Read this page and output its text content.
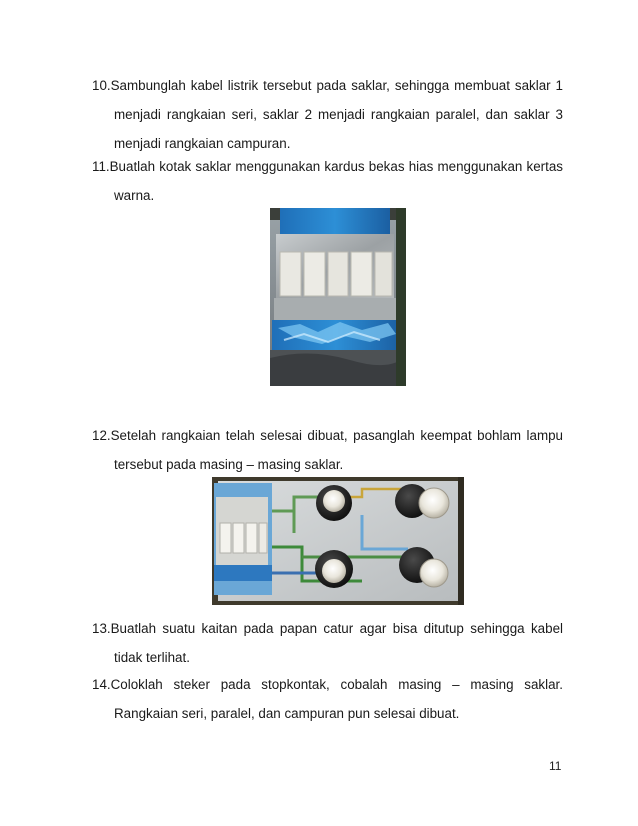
10.Sambunglah kabel listrik tersebut pada saklar, sehingga membuat saklar 1
menjadi rangkaian seri, saklar 2 menjadi rangkaian paralel, dan saklar 3
menjadi rangkaian campuran.
11.Buatlah kotak saklar menggunakan kardus bekas hias menggunakan kertas
warna.
12.Setelah rangkaian telah selesai dibuat, pasanglah keempat bohlam lampu
tersebut pada masing – masing saklar.
13.Buatlah suatu kaitan pada papan catur agar bisa ditutup sehingga kabel
tidak terlihat.
14.Coloklah steker pada stopkontak, cobalah masing – masing saklar.
Rangkaian seri, paralel, dan campuran pun selesai dibuat.
11
